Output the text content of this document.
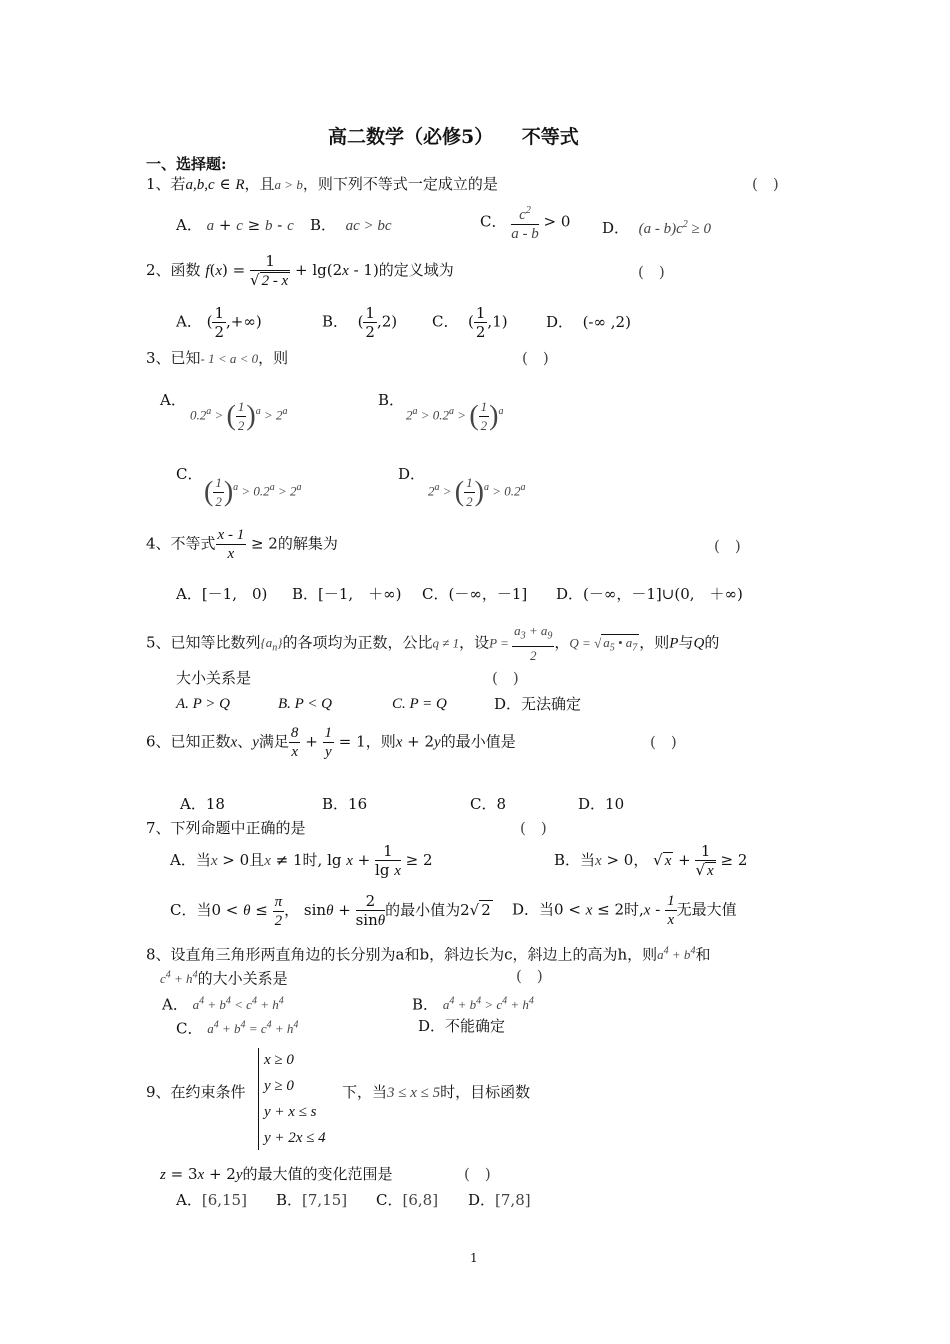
高二数学（必修5）　　不等式
一、选择题:
1、若a,b,c ∈ R，且a > b，则下列不等式一定成立的是	(　)
A． a + c ≥ b - c B． ac > bc	C． $\frac{c^2}{a - b} > 0$ D． $(a - b)c^2 \ge 0$
2、函数 $f(x) = \frac{1}{√ 2 - x} + \lg(2x - 1)$的定义域为	(　)
A． ( $\frac{1}{2}$ ,+∞)	B．  ( $\frac{1}{2} ,2$) C．  ( $\frac{1}{2} ,1$)	D．  (-∞ ,2)
3、已知- 1 < a < 0，则	(　)
A．
0.2$^a$ > ( $\frac{1}{2} )^a > 2^a$
B．
$2^a > 0.2^a$ > ( $\frac{1}{2} )^a$
C．
( $\frac{1}{2} )^a > 0.2^a > 2^a$
D．
$2^a$ > ( $\frac{1}{2} )^a > 0.2^a$
4、不等式 $\frac{x - 1}{x} \ge 2$的解集为	(　)
A．[－1,　0) B．[－1,　＋∞) C．(－∞，－1] D．(－∞，－1]∪(0,　＋∞)
5、已知等比数列$\{a_n\}$的各项均为正数，公比q ≠ 1，设$P = \frac{a_3 + a_9}{2}$ ，Q = √ $a_5$ • $a_7$ ，则P与Q的
大小关系是	(　)
A. P > Q	B. P < Q	C. P = Q	D．无法确定
6、已知正数x、y满足 $\frac{8}{x} + \frac{1}{y} = 1$，则x + 2y的最小值是	(　)
A．18	B．16	C．8	D．10
7、下列命题中正确的是	(　)
A．当x > 0且x ≠ 1时, $\lg x + \frac{1}{\text{lg x}} \ge 2$	B．当x > 0， √ $x + \frac{1}{√ x} \ge 2$
C．当$0 < \theta \le \frac{\pi}{2}$ ， $\sin\theta + \frac{2}{\sin\theta}$ 的最小值为2√ 2 D．当0 < x ≤ 2时,x - $\frac{1}{x}$ 无最大值
8、设直角三角形两直角边的长分别为a和b，斜边长为c，斜边上的高为h，则$a^4 + b^4$和
$c^4 + h^4$的大小关系是	(　)
A． $a^4 + b^4 < c^4 + h^4$	B． $a^4 + b^4 > c^4 + h^4$
C． $a^4 + b^4 = c^4 + h^4$	D．不能确定
9、在约束条件
x ≥ 0
y ≥ 0
y + x ≤ s
y + 2x ≤ 4
下，当3 ≤ x ≤ 5时，目标函数
z = 3x + 2y的最大值的变化范围是	(　)
A．[6,15] B．[7,15] C．[6,8] D．[7,8]
1
